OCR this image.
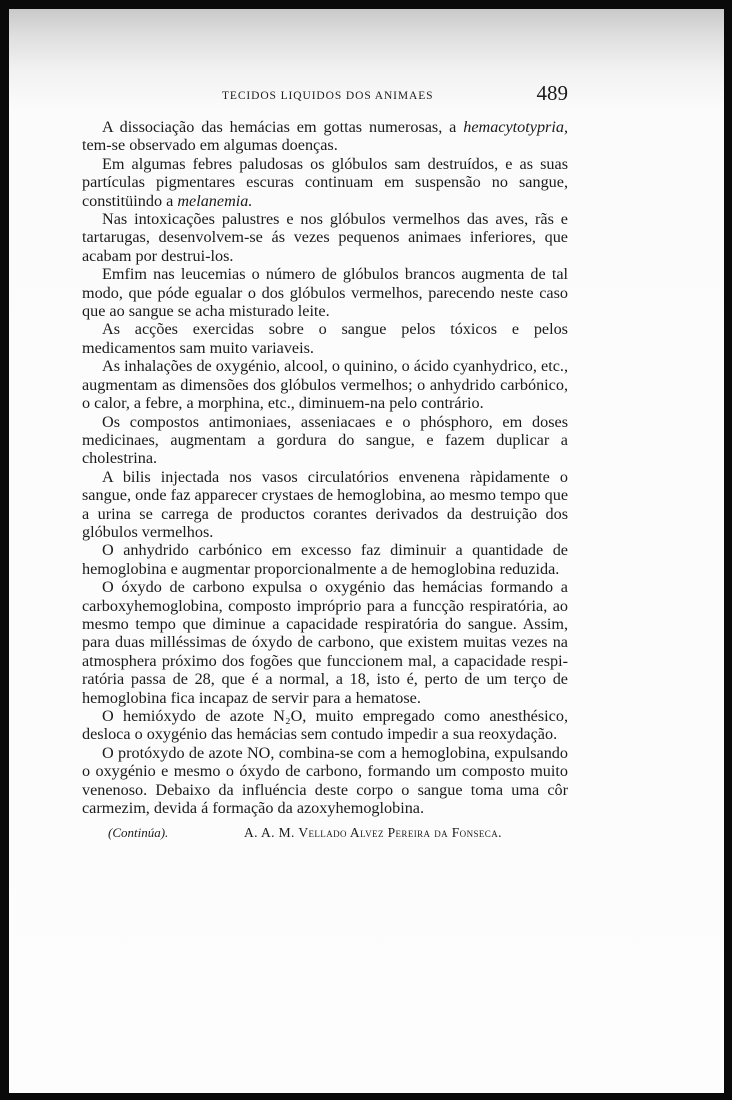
TECIDOS LIQUIDOS DOS ANIMAES	489

A dissociação das hemácias em gottas numerosas, a hemacytotypria, tem-se observado em algumas doenças.

Em algumas febres paludosas os glóbulos sam destruídos, e as suas partículas pigmentares escuras continuam em suspensão no sangue, constitüindo a melanemia.

Nas intoxicações palustres e nos glóbulos vermelhos das aves, rãs e tartarugas, desenvolvem-se ás vezes pequenos animaes inferiores, que acabam por destrui-los.

Emfim nas leucemias o número de glóbulos brancos augmenta de tal modo, que póde egualar o dos glóbulos vermelhos, parecendo neste caso que ao sangue se acha misturado leite.

As acções exercidas sobre o sangue pelos tóxicos e pelos medicamentos sam muito variaveis.

As inhalações de oxygénio, alcool, o quinino, o ácido cyanhydrico, etc., augmentam as dimensões dos glóbulos vermelhos; o anhydrido carbónico, o calor, a febre, a morphina, etc., diminuem-na pelo contrário.

Os compostos antimoniaes, asseniacaes e o phósphoro, em doses medicinaes, augmentam a gordura do sangue, e fazem duplicar a cholestrina.

A bilis injectada nos vasos circulatórios envenena ràpidamente o sangue, onde faz apparecer crystaes de hemoglobina, ao mesmo tempo que a urina se carrega de productos corantes derivados da destruição dos glóbulos vermelhos.

O anhydrido carbónico em excesso faz diminuir a quantidade de hemoglobina e augmentar proporcionalmente a de hemoglobina reduzida.

O óxydo de carbono expulsa o oxygénio das hemácias formando a carboxyhemoglobina, composto impróprio para a funcção respiratória, ao mesmo tempo que diminue a capacidade respiratória do sangue. Assim, para duas milléssimas de óxydo de carbono, que existem muitas vezes na atmosphera próximo dos fogões que funccionem mal, a capacidade respiratória passa de 28, que é a normal, a 18, isto é, perto de um terço de hemoglobina fica incapaz de servir para a hematose.

O hemióxydo de azote N₂O, muito empregado como anesthésico, desloca o oxygénio das hemácias sem contudo impedir a sua reoxydação.

O protóxydo de azote NO, combina-se com a hemoglobina, expulsando o oxygénio e mesmo o óxydo de carbono, formando um composto muito venenoso. Debaixo da influéncia deste corpo o sangue toma uma côr carmezim, devida á formação da azoxyhemoglobina.

(Continúa).	A. A. M. Vellado Alvez Pereira da Fonseca.
